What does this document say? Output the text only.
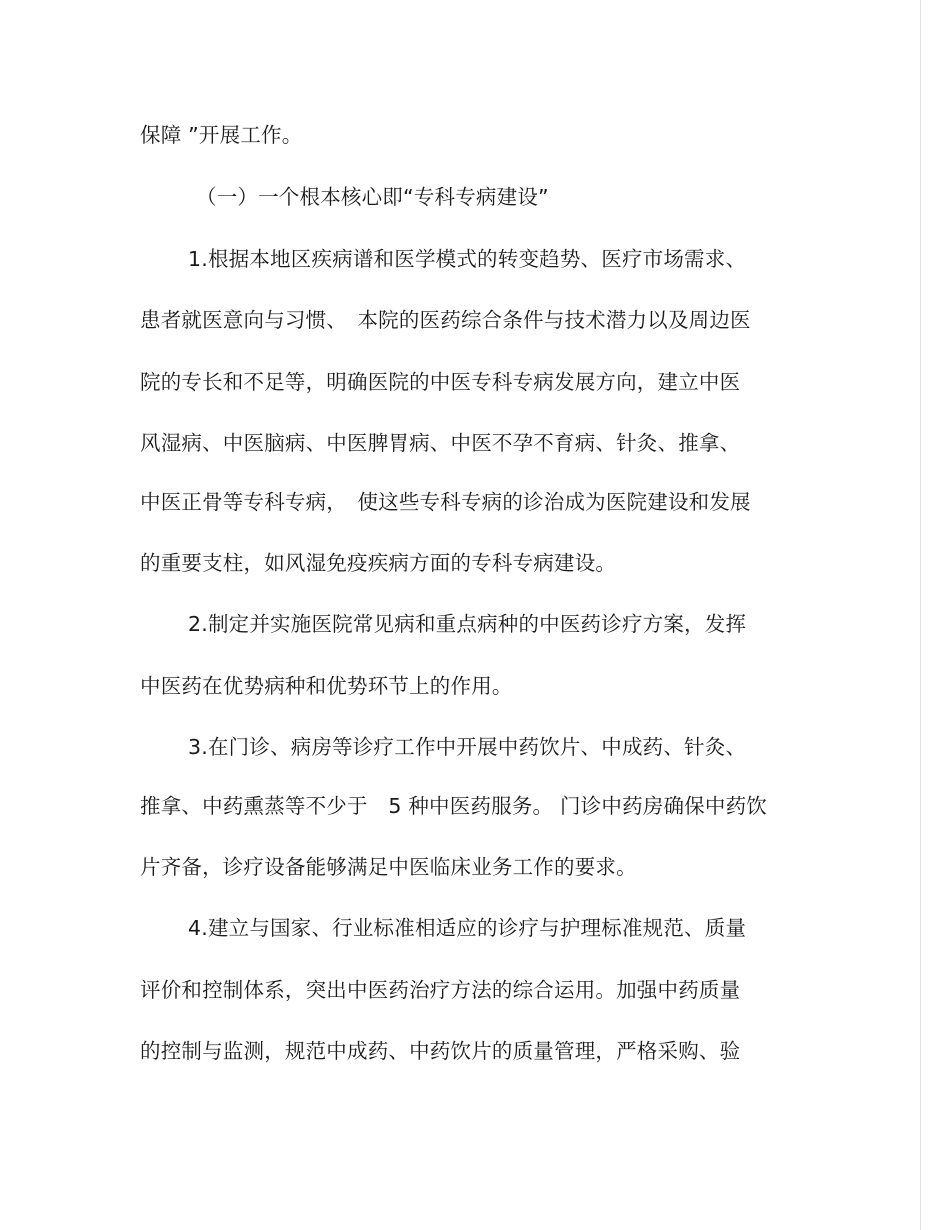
保障 ”开展工作。
（一）一个根本核心即“专科专病建设”
1.根据本地区疾病谱和医学模式的转变趋势、医疗市场需求、
患者就医意向与习惯、　本院的医药综合条件与技术潜力以及周边医
院的专长和不足等，明确医院的中医专科专病发展方向，建立中医
风湿病、中医脑病、中医脾胃病、中医不孕不育病、针灸、推拿、
中医正骨等专科专病，　使这些专科专病的诊治成为医院建设和发展
的重要支柱，如风湿免疫疾病方面的专科专病建设。
2.制定并实施医院常见病和重点病种的中医药诊疗方案，发挥
中医药在优势病种和优势环节上的作用。
3.在门诊、病房等诊疗工作中开展中药饮片、中成药、针灸、
推拿、中药熏蒸等不少于　5 种中医药服务。 门诊中药房确保中药饮
片齐备，诊疗设备能够满足中医临床业务工作的要求。
4.建立与国家、行业标准相适应的诊疗与护理标准规范、质量
评价和控制体系，突出中医药治疗方法的综合运用。加强中药质量
的控制与监测，规范中成药、中药饮片的质量管理，严格采购、验
